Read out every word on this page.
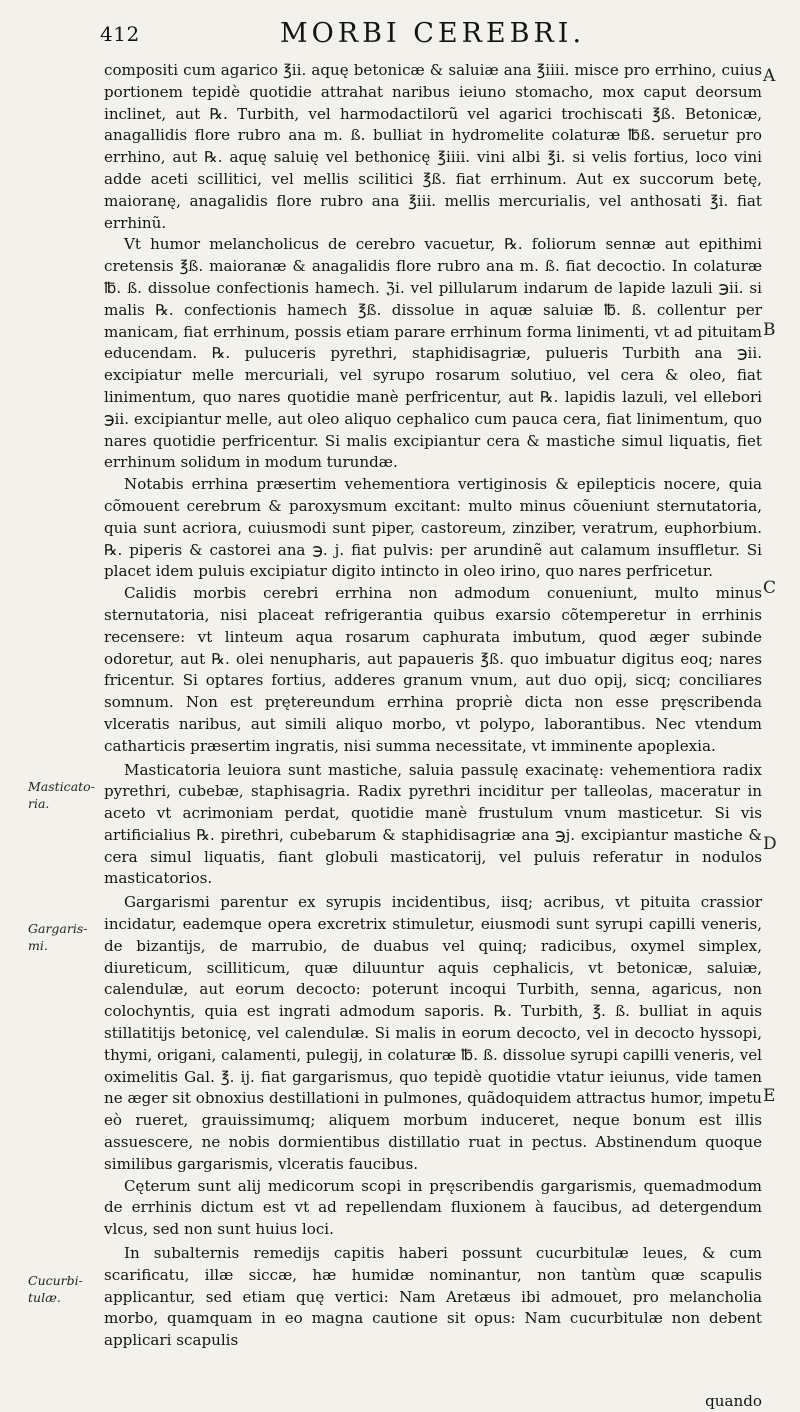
412	MORBI CEREBRI.

compositi cum agarico ℥ii. aquę betonicæ & saluiæ ana ℥iiii. misce pro errhino, cuius portionem tepidè quotidie attrahat naribus ieiuno stomacho, mox caput deorsum inclinet, aut ℞. Turbith, vel harmodactilorũ vel agarici trochiscati ℥ß. Betonicæ, anagallidis flore rubro ana m. ß. bulliat in hydromelite colaturæ ℔ß. seruetur pro errhino, aut ℞. aquę saluię vel bethonicę ℥iiii. vini albi ℥i. si velis fortius, loco vini adde aceti scillitici, vel mellis scilitici ℥ß. fiat errhinum. Aut ex succorum betę, maioranę, anagalidis flore rubro ana ℥iii. mellis mercurialis, vel anthosati ℥i. fiat errhinũ.

Vt humor melancholicus de cerebro vacuetur, ℞. foliorum sennæ aut epithimi cretensis ℥ß. maioranæ & anagalidis flore rubro ana m. ß. fiat decoctio. In colaturæ ℔. ß. dissolue confectionis hamech. ℨi. vel pillularum indarum de lapide lazuli ℈ii. si malis ℞. confectionis hamech ℥ß. dissolue in aquæ saluiæ ℔. ß. collentur per manicam, fiat errhinum, possis etiam parare errhinum forma linimenti, vt ad pituitam educendam. ℞. puluceris pyrethri, staphidisagriæ, pulueris Turbith ana ℈ii. excipiatur melle mercuriali, vel syrupo rosarum solutiuo, vel cera & oleo, fiat linimentum, quo nares quotidie manè perfricentur, aut ℞. lapidis lazuli, vel ellebori ℈ii. excipiantur melle, aut oleo aliquo cephalico cum pauca cera, fiat linimentum, quo nares quotidie perfricentur. Si malis excipiantur cera & mastiche simul liquatis, fiet errhinum solidum in modum turundæ.

Notabis errhina præsertim vehementiora vertiginosis & epilepticis nocere, quia cõmouent cerebrum & paroxysmum excitant: multo minus cõueniunt sternutatoria, quia sunt acriora, cuiusmodi sunt piper, castoreum, zinziber, veratrum, euphorbium. ℞. piperis & castorei ana ℈. j. fiat pulvis: per arundinẽ aut calamum insuffletur. Si placet idem puluis excipiatur digito intincto in oleo irino, quo nares perfricetur.

Calidis morbis cerebri errhina non admodum conueniunt, multo minus sternutatoria, nisi placeat refrigerantia quibus exarsio cõtemperetur in errhinis recensere: vt linteum aqua rosarum caphurata imbutum, quod æger subinde odoretur, aut ℞. olei nenupharis, aut papaueris ℥ß. quo imbuatur digitus eoq; nares fricentur. Si optares fortius, adderes granum vnum, aut duo opij, sicq; conciliares somnum. Non est prętereundum errhina propriè dicta non esse pręscribenda vlceratis naribus, aut simili aliquo morbo, vt polypo, laborantibus. Nec vtendum catharticis præsertim ingratis, nisi summa necessitate, vt imminente apoplexia.

Masticatoria leuiora sunt mastiche, saluia passulę exacinatę: vehementiora radix pyrethri, cubebæ, staphisagria. Radix pyrethri inciditur per talleolas, maceratur in aceto vt acrimoniam perdat, quotidie manè frustulum vnum masticetur. Si vis artificialius ℞. pirethri, cubebarum & staphidisagriæ ana ℈j. excipiantur mastiche & cera simul liquatis, fiant globuli masticatorij, vel puluis referatur in nodulos masticatorios.

Gargarismi parentur ex syrupis incidentibus, iisq; acribus, vt pituita crassior incidatur, eademque opera excretrix stimuletur, eiusmodi sunt syrupi capilli veneris, de bizantijs, de marrubio, de duabus vel quinq; radicibus, oxymel simplex, diureticum, scilliticum, quæ diluuntur aquis cephalicis, vt betonicæ, saluiæ, calendulæ, aut eorum decocto: poterunt incoqui Turbith, senna, agaricus, non colochyntis, quia est ingrati admodum saporis. ℞. Turbith, ℥. ß. bulliat in aquis stillatitijs betonicę, vel calendulæ. Si malis in eorum decocto, vel in decocto hyssopi, thymi, origani, calamenti, pulegij, in colaturæ ℔. ß. dissolue syrupi capilli veneris, vel oximelitis Gal. ℥. ij. fiat gargarismus, quo tepidè quotidie vtatur ieiunus, vide tamen ne æger sit obnoxius destillationi in pulmones, quãdoquidem attractus humor, impetu eò rueret, grauissimumq; aliquem morbum induceret, neque bonum est illis assuescere, ne nobis dormientibus distillatio ruat in pectus. Abstinendum quoque similibus gargarismis, vlceratis faucibus.

Cęterum sunt alij medicorum scopi in pręscribendis gargarismis, quemadmodum de errhinis dictum est vt ad repellendam fluxionem à faucibus, ad detergendum vlcus, sed non sunt huius loci.

In subalternis remedijs capitis haberi possunt cucurbitulæ leues, & cum scarificatu, illæ siccæ, hæ humidæ nominantur, non tantùm quæ scapulis applicantur, sed etiam quę vertici: Nam Aretæus ibi admouet, pro melancholia morbo, quamquam in eo magna cautione sit opus: Nam cucurbitulæ non debent applicari scapulis

Masticato-ria.
Gargaris-mi.
Cucurbi-tulæ.
A
B
C
D
E
quando
